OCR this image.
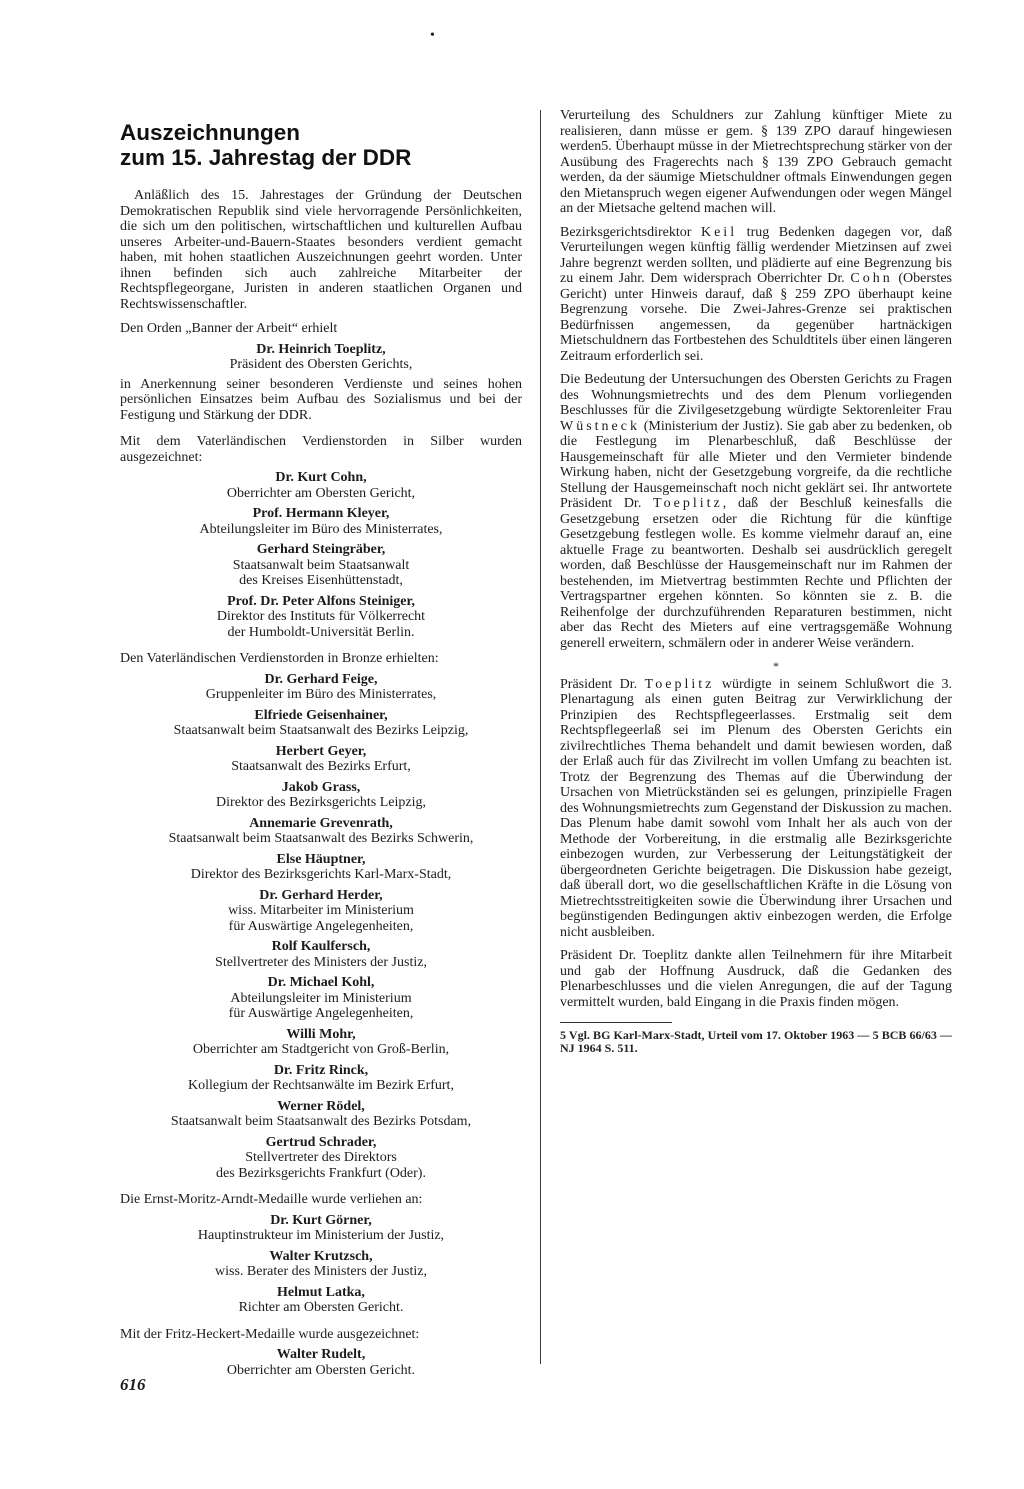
•
Auszeichnungen
zum 15. Jahrestag der DDR

Anläßlich des 15. Jahrestages der Gründung der Deutschen Demokratischen Republik sind viele hervorragende Persönlichkeiten, die sich um den politischen, wirtschaftlichen und kulturellen Aufbau unseres Arbeiter-und-Bauern-Staates besonders verdient gemacht haben, mit hohen staatlichen Auszeichnungen geehrt worden. Unter ihnen befinden sich auch zahlreiche Mitarbeiter der Rechtspflegeorgane, Juristen in anderen staatlichen Organen und Rechtswissenschaftler.

Den Orden „Banner der Arbeit“ erhielt

Dr. Heinrich Toeplitz,
Präsident des Obersten Gerichts,

in Anerkennung seiner besonderen Verdienste und seines hohen persönlichen Einsatzes beim Aufbau des Sozialismus und bei der Festigung und Stärkung der DDR.

Mit dem Vaterländischen Verdienstorden in Silber wurden ausgezeichnet:

Dr. Kurt Cohn,
Oberrichter am Obersten Gericht,
Prof. Hermann Kleyer,
Abteilungsleiter im Büro des Ministerrates,
Gerhard Steingräber,
Staatsanwalt beim Staatsanwalt
des Kreises Eisenhüttenstadt,
Prof. Dr. Peter Alfons Steiniger,
Direktor des Instituts für Völkerrecht
der Humboldt-Universität Berlin.

Den Vaterländischen Verdienstorden in Bronze erhielten:

Dr. Gerhard Feige,
Gruppenleiter im Büro des Ministerrates,
Elfriede Geisenhainer,
Staatsanwalt beim Staatsanwalt des Bezirks Leipzig,
Herbert Geyer,
Staatsanwalt des Bezirks Erfurt,
Jakob Grass,
Direktor des Bezirksgerichts Leipzig,
Annemarie Grevenrath,
Staatsanwalt beim Staatsanwalt des Bezirks Schwerin,
Else Häuptner,
Direktor des Bezirksgerichts Karl-Marx-Stadt,
Dr. Gerhard Herder,
wiss. Mitarbeiter im Ministerium
für Auswärtige Angelegenheiten,
Rolf Kaulfersch,
Stellvertreter des Ministers der Justiz,
Dr. Michael Kohl,
Abteilungsleiter im Ministerium
für Auswärtige Angelegenheiten,
Willi Mohr,
Oberrichter am Stadtgericht von Groß-Berlin,
Dr. Fritz Rinck,
Kollegium der Rechtsanwälte im Bezirk Erfurt,
Werner Rödel,
Staatsanwalt beim Staatsanwalt des Bezirks Potsdam,
Gertrud Schrader,
Stellvertreter des Direktors
des Bezirksgerichts Frankfurt (Oder).

Die Ernst-Moritz-Arndt-Medaille wurde verliehen an:

Dr. Kurt Görner,
Hauptinstrukteur im Ministerium der Justiz,
Walter Krutzsch,
wiss. Berater des Ministers der Justiz,
Helmut Latka,
Richter am Obersten Gericht.

Mit der Fritz-Heckert-Medaille wurde ausgezeichnet:

Walter Rudelt,
Oberrichter am Obersten Gericht.

Verurteilung des Schuldners zur Zahlung künftiger Miete zu realisieren, dann müsse er gem. § 139 ZPO darauf hingewiesen werden5. Überhaupt müsse in der Mietrechtsprechung stärker von der Ausübung des Fragerechts nach § 139 ZPO Gebrauch gemacht werden, da der säumige Mietschuldner oftmals Einwendungen gegen den Mietanspruch wegen eigener Aufwendungen oder wegen Mängel an der Mietsache geltend machen will.

Bezirksgerichtsdirektor Keil trug Bedenken dagegen vor, daß Verurteilungen wegen künftig fällig werdender Mietzinsen auf zwei Jahre begrenzt werden sollten, und plädierte auf eine Begrenzung bis zu einem Jahr. Dem widersprach Oberrichter Dr. Cohn (Oberstes Gericht) unter Hinweis darauf, daß § 259 ZPO überhaupt keine Begrenzung vorsehe. Die Zwei-Jahres-Grenze sei praktischen Bedürfnissen angemessen, da gegenüber hartnäckigen Mietschuldnern das Fortbestehen des Schuldtitels über einen längeren Zeitraum erforderlich sei.

Die Bedeutung der Untersuchungen des Obersten Gerichts zu Fragen des Wohnungsmietrechts und des dem Plenum vorliegenden Beschlusses für die Zivilgesetzgebung würdigte Sektorenleiter Frau Wüstneck (Ministerium der Justiz). Sie gab aber zu bedenken, ob die Festlegung im Plenarbeschluß, daß Beschlüsse der Hausgemeinschaft für alle Mieter und den Vermieter bindende Wirkung haben, nicht der Gesetzgebung vorgreife, da die rechtliche Stellung der Hausgemeinschaft noch nicht geklärt sei. Ihr antwortete Präsident Dr. Toeplitz, daß der Beschluß keinesfalls die Gesetzgebung ersetzen oder die Richtung für die künftige Gesetzgebung festlegen wolle. Es komme vielmehr darauf an, eine aktuelle Frage zu beantworten. Deshalb sei ausdrücklich geregelt worden, daß Beschlüsse der Hausgemeinschaft nur im Rahmen der bestehenden, im Mietvertrag bestimmten Rechte und Pflichten der Vertragspartner ergehen könnten. So könnten sie z. B. die Reihenfolge der durchzuführenden Reparaturen bestimmen, nicht aber das Recht des Mieters auf eine vertragsgemäße Wohnung generell erweitern, schmälern oder in anderer Weise verändern.

*

Präsident Dr. Toeplitz würdigte in seinem Schlußwort die 3. Plenartagung als einen guten Beitrag zur Verwirklichung der Prinzipien des Rechtspflegeerlasses. Erstmalig seit dem Rechtspflegeerlaß sei im Plenum des Obersten Gerichts ein zivilrechtliches Thema behandelt und damit bewiesen worden, daß der Erlaß auch für das Zivilrecht im vollen Umfang zu beachten ist. Trotz der Begrenzung des Themas auf die Überwindung der Ursachen von Mietrückständen sei es gelungen, prinzipielle Fragen des Wohnungsmietrechts zum Gegenstand der Diskussion zu machen. Das Plenum habe damit sowohl vom Inhalt her als auch von der Methode der Vorbereitung, in die erstmalig alle Bezirksgerichte einbezogen wurden, zur Verbesserung der Leitungstätigkeit der übergeordneten Gerichte beigetragen. Die Diskussion habe gezeigt, daß überall dort, wo die gesellschaftlichen Kräfte in die Lösung von Mietrechtsstreitigkeiten sowie die Überwindung ihrer Ursachen und begünstigenden Bedingungen aktiv einbezogen werden, die Erfolge nicht ausbleiben.

Präsident Dr. Toeplitz dankte allen Teilnehmern für ihre Mitarbeit und gab der Hoffnung Ausdruck, daß die Gedanken des Plenarbeschlusses und die vielen Anregungen, die auf der Tagung vermittelt wurden, bald Eingang in die Praxis finden mögen.

5 Vgl. BG Karl-Marx-Stadt, Urteil vom 17. Oktober 1963 — 5 BCB 66/63 — NJ 1964 S. 511.

616
